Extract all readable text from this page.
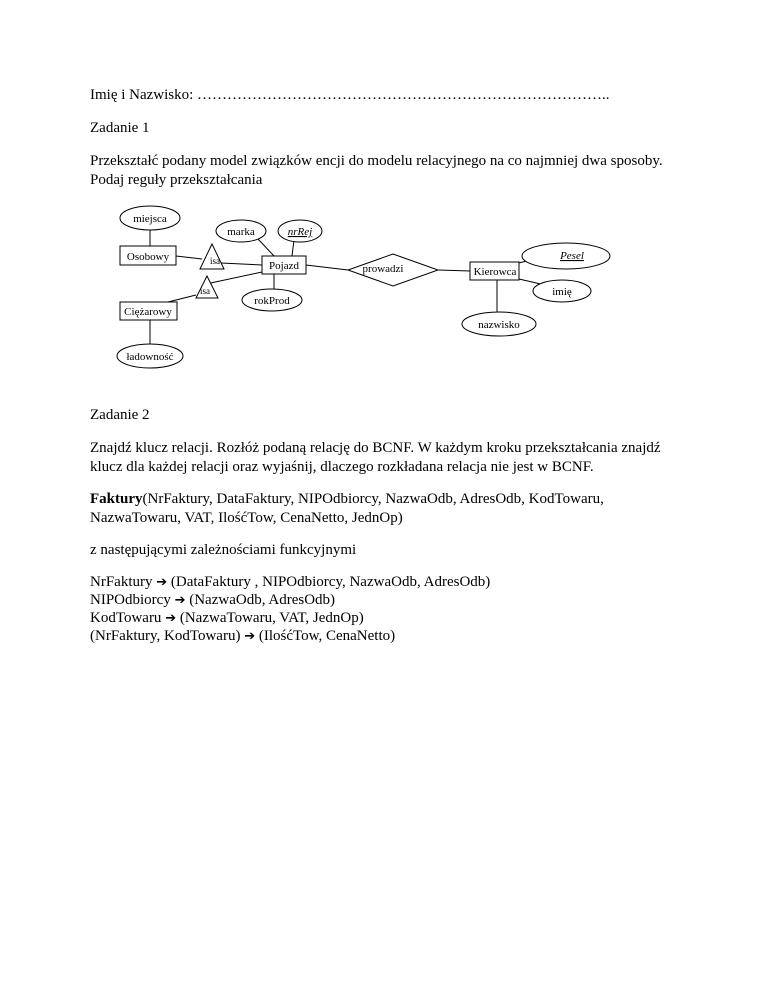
Imię i Nazwisko: ………………………………………………………………………..
Zadanie 1
Przekształć podany model związków encji do modelu relacyjnego na co najmniej dwa sposoby. Podaj reguły przekształcania
miejsca
marka	nrRej
rokProd
ładowność
Pesel
imię
nazwisko
Osobowy
Pojazd
Ciężarowy
Kierowca
isa
isa
prowadzi
Zadanie 2
Znajdź klucz relacji. Rozłóż podaną relację do BCNF. W każdym kroku przekształcania znajdź klucz dla każdej relacji oraz wyjaśnij, dlaczego rozkładana relacja nie jest w BCNF.
Faktury(NrFaktury, DataFaktury, NIPOdbiorcy, NazwaOdb, AdresOdb, KodTowaru, NazwaTowaru, VAT, IlośćTow, CenaNetto, JednOp)
z następującymi zależnościami funkcyjnymi
NrFaktury ➔ (DataFaktury , NIPOdbiorcy, NazwaOdb, AdresOdb)
NIPOdbiorcy ➔ (NazwaOdb, AdresOdb)
KodTowaru ➔ (NazwaTowaru, VAT, JednOp)
(NrFaktury, KodTowaru) ➔ (IlośćTow, CenaNetto)
